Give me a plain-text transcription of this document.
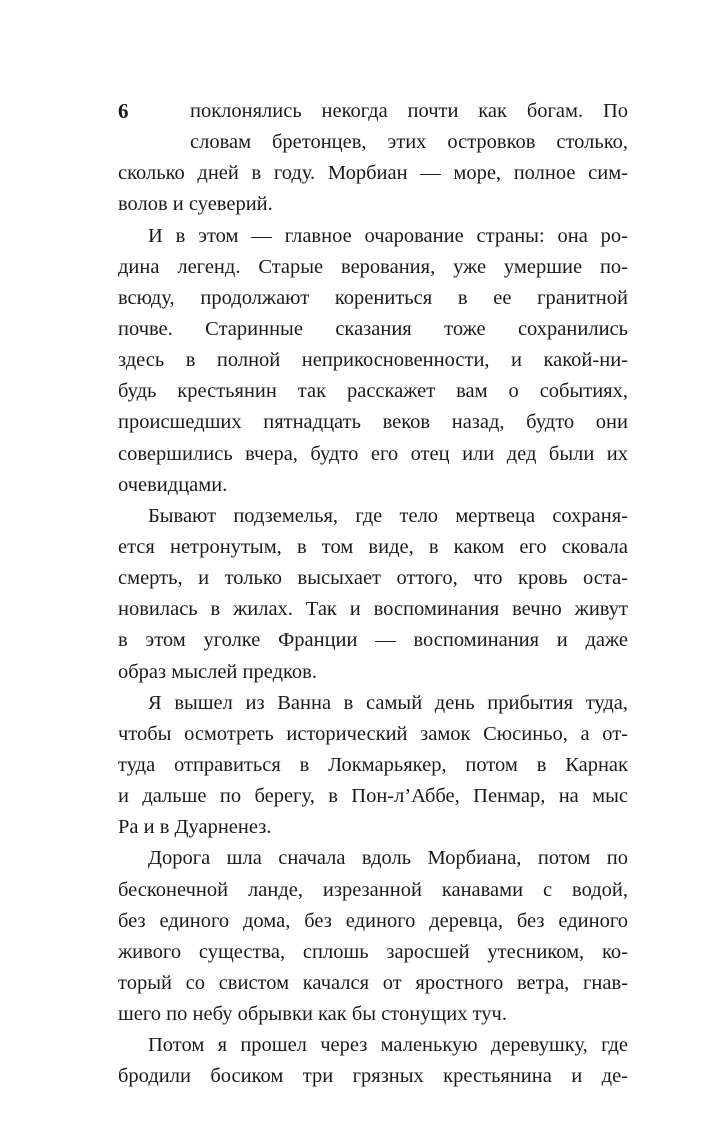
6	поклонялись некогда почти как богам. По
словам бретонцев, этих островков столько,
сколько дней в году. Морбиан — море, полное сим-
волов и суеверий.
И в этом — главное очарование страны: она ро-
дина легенд. Старые верования, уже умершие по-
всюду, продолжают корениться в ее гранитной
почве. Старинные сказания тоже сохранились
здесь в полной неприкосновенности, и какой-ни-
будь крестьянин так расскажет вам о событиях,
происшедших пятнадцать веков назад, будто они
совершились вчера, будто его отец или дед были их
очевидцами.
Бывают подземелья, где тело мертвеца сохраня-
ется нетронутым, в том виде, в каком его сковала
смерть, и только высыхает оттого, что кровь оста-
новилась в жилах. Так и воспоминания вечно живут
в этом уголке Франции — воспоминания и даже
образ мыслей предков.
Я вышел из Ванна в самый день прибытия туда,
чтобы осмотреть исторический замок Сюсиньо, а от-
туда отправиться в Локмарьякер, потом в Карнак
и дальше по берегу, в Пон-л’Аббе, Пенмар, на мыс
Ра и в Дуарненез.
Дорога шла сначала вдоль Морбиана, потом по
бесконечной ланде, изрезанной канавами с водой,
без единого дома, без единого деревца, без единого
живого существа, сплошь заросшей утесником, ко-
торый со свистом качался от яростного ветра, гнав-
шего по небу обрывки как бы стонущих туч.
Потом я прошел через маленькую деревушку, где
бродили босиком три грязных крестьянина и де-
